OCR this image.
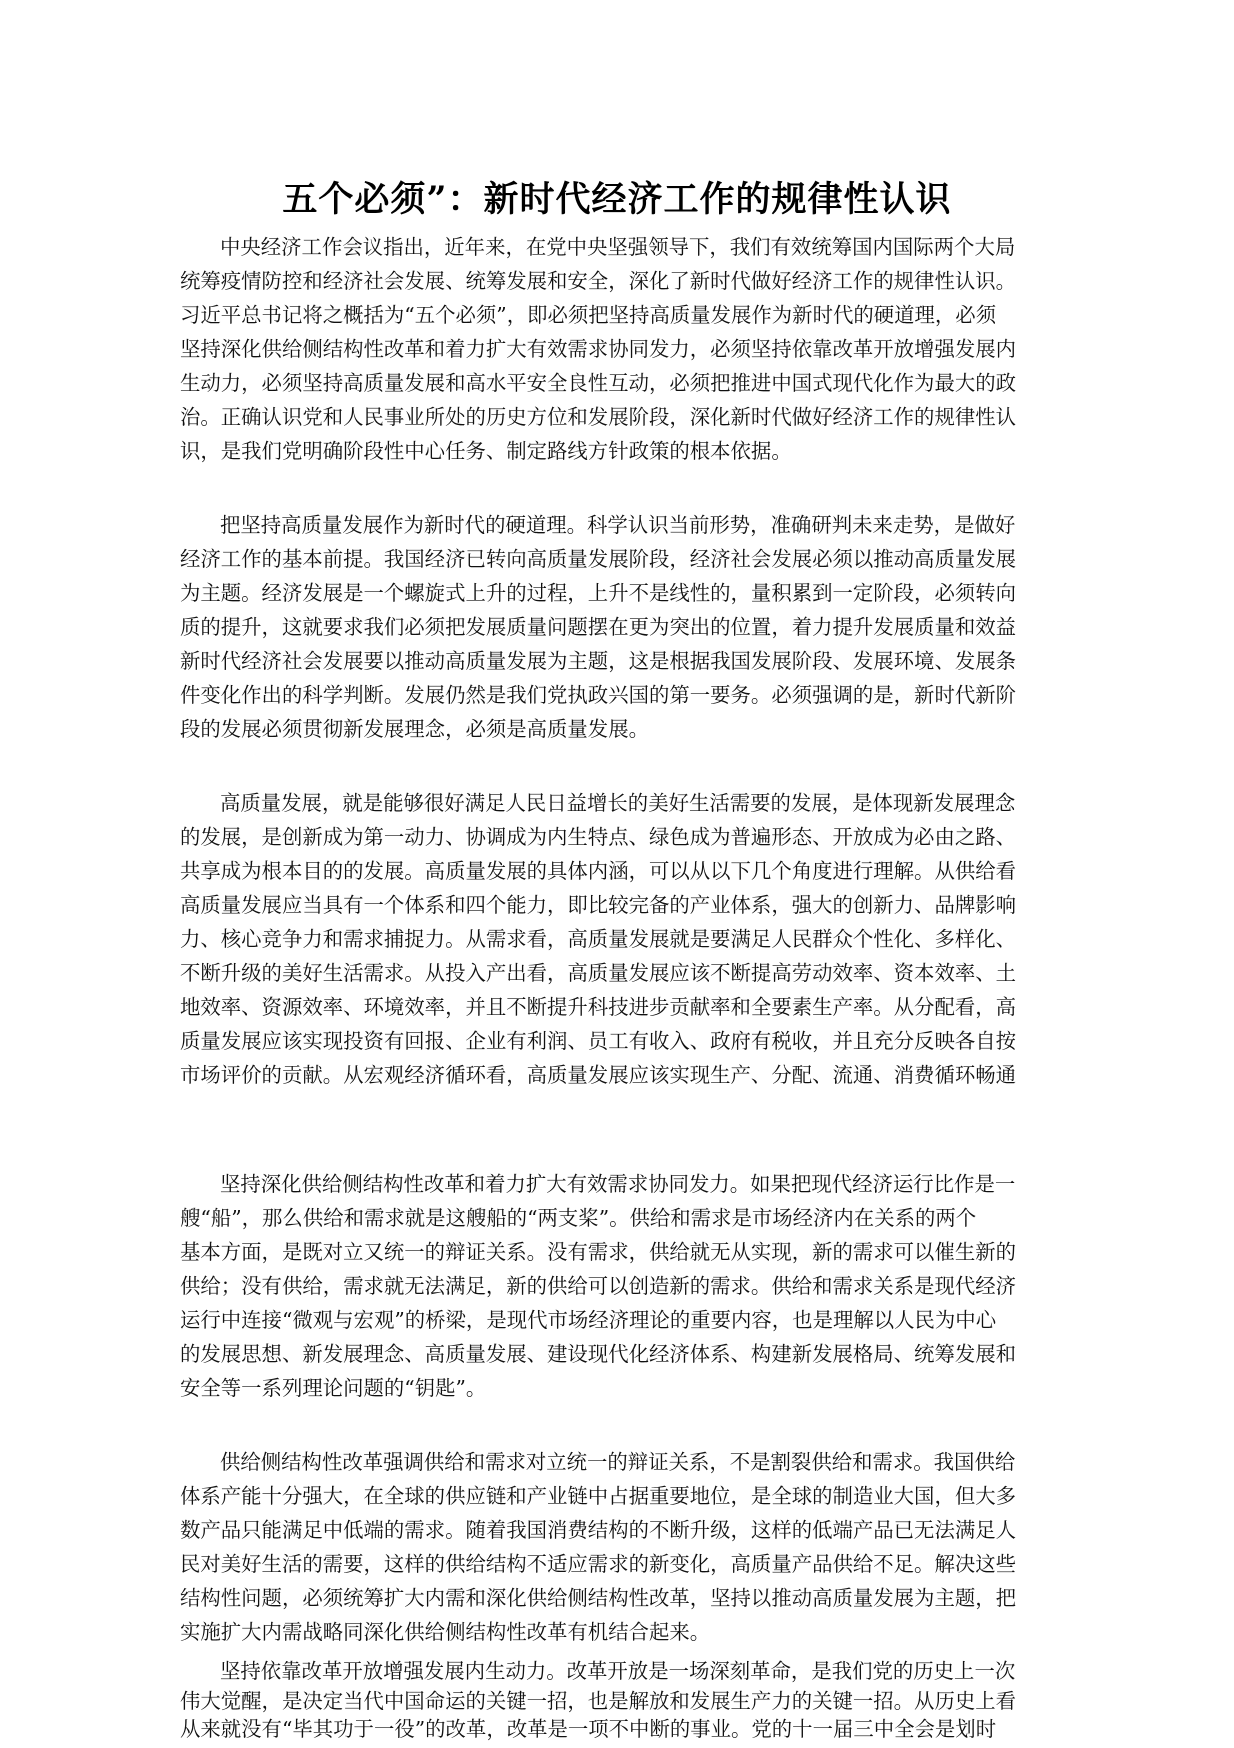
五个必须”：新时代经济工作的规律性认识
中央经济工作会议指出，近年来，在党中央坚强领导下，我们有效统筹国内国际两个大局
统筹疫情防控和经济社会发展、统筹发展和安全，深化了新时代做好经济工作的规律性认识。
习近平总书记将之概括为“五个必须”，即必须把坚持高质量发展作为新时代的硬道理，必须
坚持深化供给侧结构性改革和着力扩大有效需求协同发力，必须坚持依靠改革开放增强发展内
生动力，必须坚持高质量发展和高水平安全良性互动，必须把推进中国式现代化作为最大的政
治。正确认识党和人民事业所处的历史方位和发展阶段，深化新时代做好经济工作的规律性认
识，是我们党明确阶段性中心任务、制定路线方针政策的根本依据。
把坚持高质量发展作为新时代的硬道理。科学认识当前形势，准确研判未来走势，是做好
经济工作的基本前提。我国经济已转向高质量发展阶段，经济社会发展必须以推动高质量发展
为主题。经济发展是一个螺旋式上升的过程，上升不是线性的，量积累到一定阶段，必须转向
质的提升，这就要求我们必须把发展质量问题摆在更为突出的位置，着力提升发展质量和效益
新时代经济社会发展要以推动高质量发展为主题，这是根据我国发展阶段、发展环境、发展条
件变化作出的科学判断。发展仍然是我们党执政兴国的第一要务。必须强调的是，新时代新阶
段的发展必须贯彻新发展理念，必须是高质量发展。
高质量发展，就是能够很好满足人民日益增长的美好生活需要的发展，是体现新发展理念
的发展，是创新成为第一动力、协调成为内生特点、绿色成为普遍形态、开放成为必由之路、
共享成为根本目的的发展。高质量发展的具体内涵，可以从以下几个角度进行理解。从供给看
高质量发展应当具有一个体系和四个能力，即比较完备的产业体系，强大的创新力、品牌影响
力、核心竞争力和需求捕捉力。从需求看，高质量发展就是要满足人民群众个性化、多样化、
不断升级的美好生活需求。从投入产出看，高质量发展应该不断提高劳动效率、资本效率、土
地效率、资源效率、环境效率，并且不断提升科技进步贡献率和全要素生产率。从分配看，高
质量发展应该实现投资有回报、企业有利润、员工有收入、政府有税收，并且充分反映各自按
市场评价的贡献。从宏观经济循环看，高质量发展应该实现生产、分配、流通、消费循环畅通
坚持深化供给侧结构性改革和着力扩大有效需求协同发力。如果把现代经济运行比作是一
艘“船”，那么供给和需求就是这艘船的“两支桨”。供给和需求是市场经济内在关系的两个
基本方面，是既对立又统一的辩证关系。没有需求，供给就无从实现，新的需求可以催生新的
供给；没有供给，需求就无法满足，新的供给可以创造新的需求。供给和需求关系是现代经济
运行中连接“微观与宏观”的桥梁，是现代市场经济理论的重要内容，也是理解以人民为中心
的发展思想、新发展理念、高质量发展、建设现代化经济体系、构建新发展格局、统筹发展和
安全等一系列理论问题的“钥匙”。
供给侧结构性改革强调供给和需求对立统一的辩证关系，不是割裂供给和需求。我国供给
体系产能十分强大，在全球的供应链和产业链中占据重要地位，是全球的制造业大国，但大多
数产品只能满足中低端的需求。随着我国消费结构的不断升级，这样的低端产品已无法满足人
民对美好生活的需要，这样的供给结构不适应需求的新变化，高质量产品供给不足。解决这些
结构性问题，必须统筹扩大内需和深化供给侧结构性改革，坚持以推动高质量发展为主题，把
实施扩大内需战略同深化供给侧结构性改革有机结合起来。
坚持依靠改革开放增强发展内生动力。改革开放是一场深刻革命，是我们党的历史上一次
伟大觉醒，是决定当代中国命运的关键一招，也是解放和发展生产力的关键一招。从历史上看
从来就没有“毕其功于一役”的改革，改革是一项不中断的事业。党的十一届三中全会是划时
